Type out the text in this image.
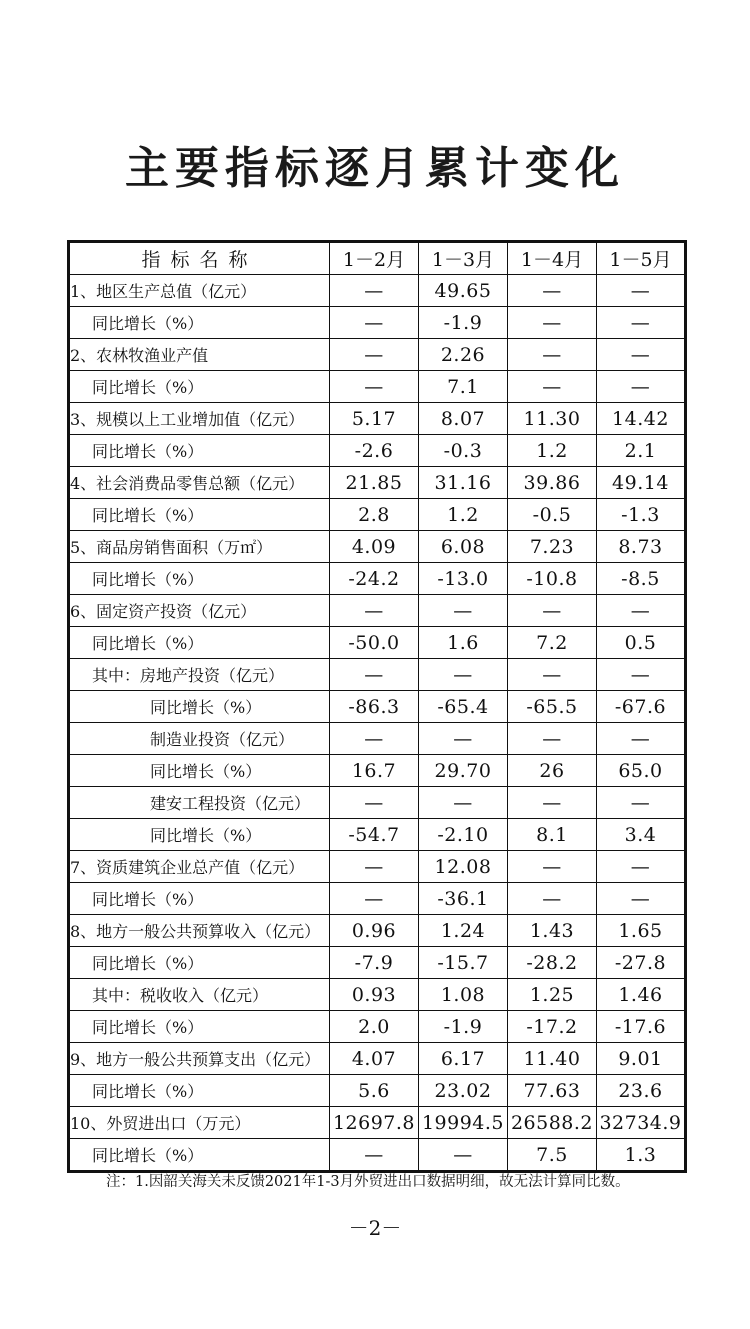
主要指标逐月累计变化
指标名称	1－2月	1－3月	1－4月	1－5月
1、地区生产总值（亿元）	—	49.65	—	—
同比增长（%）	—	-1.9	—	—
2、农林牧渔业产值	—	2.26	—	—
同比增长（%）	—	7.1	—	—
3、规模以上工业增加值（亿元）	5.17	8.07	11.30	14.42
同比增长（%）	-2.6	-0.3	1.2	2.1
4、社会消费品零售总额（亿元）	21.85	31.16	39.86	49.14
同比增长（%）	2.8	1.2	-0.5	-1.3
5、商品房销售面积（万㎡）	4.09	6.08	7.23	8.73
同比增长（%）	-24.2	-13.0	-10.8	-8.5
6、固定资产投资（亿元）	—	—	—	—
同比增长（%）	-50.0	1.6	7.2	0.5
其中：房地产投资（亿元）	—	—	—	—
同比增长（%）	-86.3	-65.4	-65.5	-67.6
制造业投资（亿元）	—	—	—	—
同比增长（%）	16.7	29.70	26	65.0
建安工程投资（亿元）	—	—	—	—
同比增长（%）	-54.7	-2.10	8.1	3.4
7、资质建筑企业总产值（亿元）	—	12.08	—	—
同比增长（%）	—	-36.1	—	—
8、地方一般公共预算收入（亿元）	0.96	1.24	1.43	1.65
同比增长（%）	-7.9	-15.7	-28.2	-27.8
其中：税收收入（亿元）	0.93	1.08	1.25	1.46
同比增长（%）	2.0	-1.9	-17.2	-17.6
9、地方一般公共预算支出（亿元）	4.07	6.17	11.40	9.01
同比增长（%）	5.6	23.02	77.63	23.6
10、外贸进出口（万元）	12697.8	19994.5	26588.2	32734.9
同比增长（%）	—	—	7.5	1.3
注：1.因韶关海关未反馈2021年1-3月外贸进出口数据明细，故无法计算同比数。
－2－
